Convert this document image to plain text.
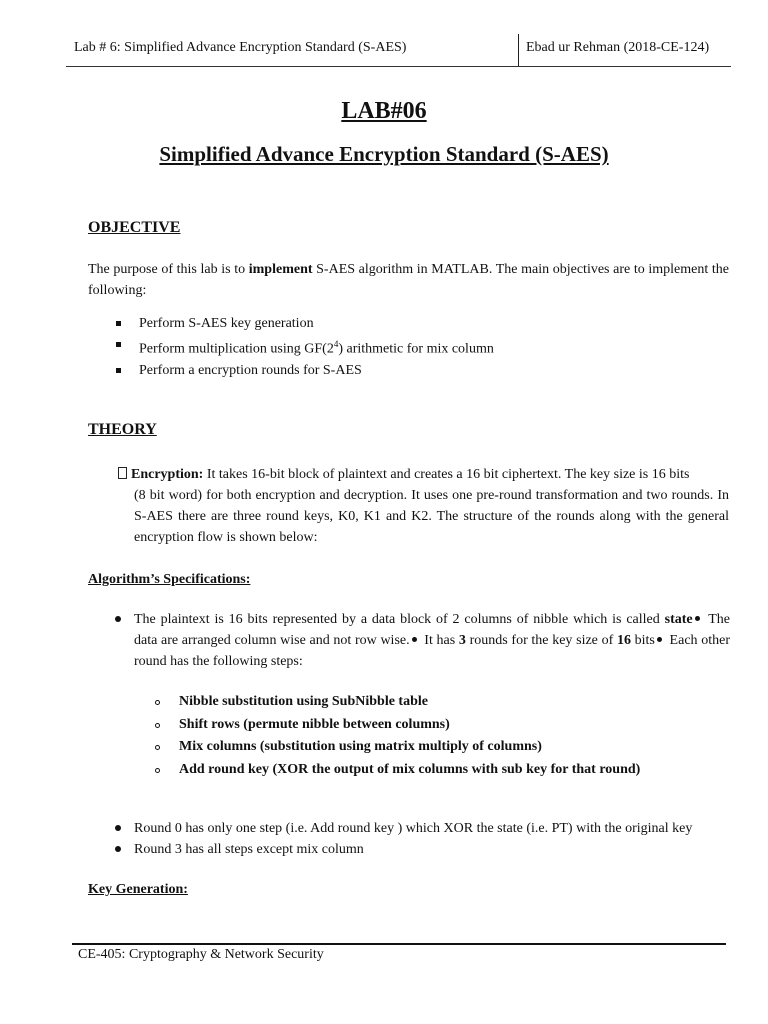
Lab # 6: Simplified Advance Encryption Standard (S-AES)	Ebad ur Rehman (2018-CE-124)
LAB#06
Simplified Advance Encryption Standard (S-AES)
OBJECTIVE
The purpose of this lab is to implement S-AES algorithm in MATLAB. The main objectives are to implement the following:
Perform S-AES key generation
Perform multiplication using $GF(2^4)$ arithmetic for mix column
Perform a encryption rounds for S-AES
THEORY
Encryption: It takes 16-bit block of plaintext and creates a 16 bit ciphertext. The key size is 16 bits
(8 bit word) for both encryption and decryption. It uses one pre-round transformation and two rounds. In S-AES there are three round keys, K0, K1 and K2. The structure of the rounds along with the general encryption flow is shown below:
Algorithm’s Specifications:
The plaintext is 16 bits represented by a data block of 2 columns of nibble which is called state The data are arranged column wise and not row wise. It has 3 rounds for the key size of 16 bits Each other round has the following steps:
Nibble substitution using SubNibble table
Shift rows (permute nibble between columns)
Mix columns (substitution using matrix multiply of columns)
Add round key (XOR the output of mix columns with sub key for that round)
Round 0 has only one step (i.e. Add round key ) which XOR the state (i.e. PT) with the original key
Round 3 has all steps except mix column
Key Generation:
CE-405: Cryptography & Network Security
